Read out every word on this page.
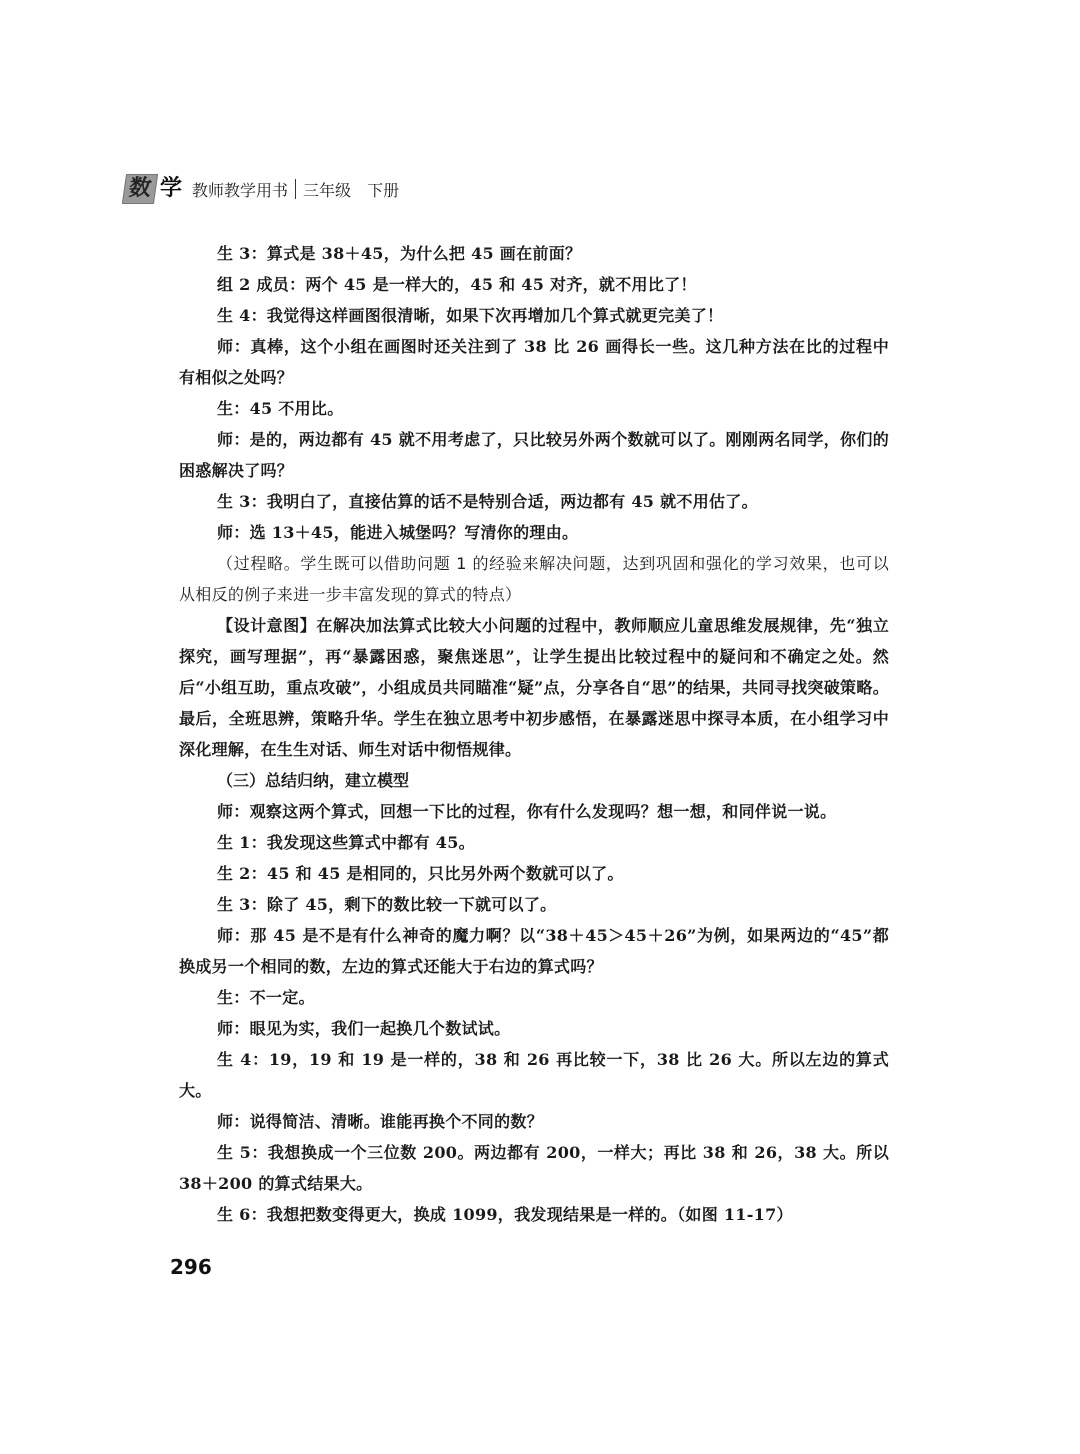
数 学 教师教学用书 三年级 下册

生 3：算式是 38＋45，为什么把 45 画在前面？

组 2 成员：两个 45 是一样大的，45 和 45 对齐，就不用比了！

生 4：我觉得这样画图很清晰，如果下次再增加几个算式就更完美了！

师：真棒，这个小组在画图时还关注到了 38 比 26 画得长一些。这几种方法在比的过程中有相似之处吗？

生：45 不用比。

师：是的，两边都有 45 就不用考虑了，只比较另外两个数就可以了。刚刚两名同学，你们的困惑解决了吗？

生 3：我明白了，直接估算的话不是特别合适，两边都有 45 就不用估了。

师：选 13＋45，能进入城堡吗？写清你的理由。

（过程略。学生既可以借助问题 1 的经验来解决问题，达到巩固和强化的学习效果，也可以从相反的例子来进一步丰富发现的算式的特点）

【设计意图】在解决加法算式比较大小问题的过程中，教师顺应儿童思维发展规律，先“独立探究，画写理据”，再“暴露困惑，聚焦迷思”，让学生提出比较过程中的疑问和不确定之处。然后“小组互助，重点攻破”，小组成员共同瞄准“疑”点，分享各自“思”的结果，共同寻找突破策略。最后，全班思辨，策略升华。学生在独立思考中初步感悟，在暴露迷思中探寻本质，在小组学习中深化理解，在生生对话、师生对话中彻悟规律。

（三）总结归纳，建立模型

师：观察这两个算式，回想一下比的过程，你有什么发现吗？想一想，和同伴说一说。

生 1：我发现这些算式中都有 45。

生 2：45 和 45 是相同的，只比另外两个数就可以了。

生 3：除了 45，剩下的数比较一下就可以了。

师：那 45 是不是有什么神奇的魔力啊？以“38＋45＞45＋26”为例，如果两边的“45”都换成另一个相同的数，左边的算式还能大于右边的算式吗？

生：不一定。

师：眼见为实，我们一起换几个数试试。

生 4：19，19 和 19 是一样的，38 和 26 再比较一下，38 比 26 大。所以左边的算式大。

师：说得简洁、清晰。谁能再换个不同的数？

生 5：我想换成一个三位数 200。两边都有 200，一样大；再比 38 和 26，38 大。所以 38＋200 的算式结果大。

生 6：我想把数变得更大，换成 1099，我发现结果是一样的。（如图 11-17）

296
